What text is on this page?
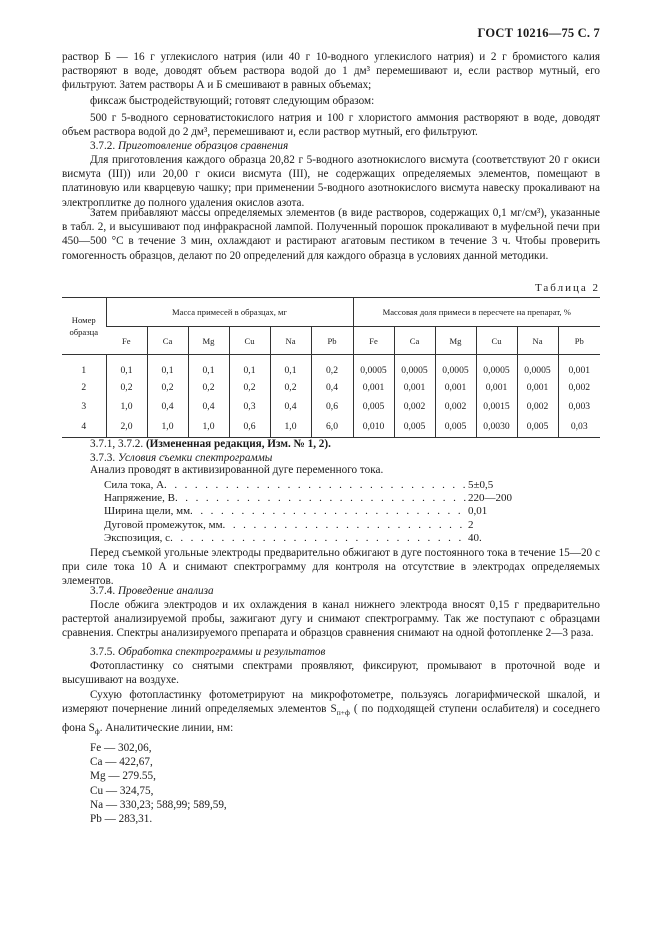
ГОСТ 10216—75 С. 7

раствор Б — 16 г углекислого натрия (или 40 г 10-водного углекислого натрия) и 2 г бромистого калия растворяют в воде, доводят объем раствора водой до 1 дм³ перемешивают и, если раствор мутный, его фильтруют. Затем растворы А и Б смешивают в равных объемах;

фиксаж быстродействующий; готовят следующим образом:

500 г 5-водного серноватистокислого натрия и 100 г хлористого аммония растворяют в воде, доводят объем раствора водой до 2 дм³, перемешивают и, если раствор мутный, его фильтруют.

3.7.2. Приготовление образцов сравнения

Для приготовления каждого образца 20,82 г 5-водного азотнокислого висмута (соответствуют 20 г окиси висмута (III)) или 20,00 г окиси висмута (III), не содержащих определяемых элементов, помещают в платиновую или кварцевую чашку; при применении 5-водного азотнокислого висмута навеску прокаливают на электроплитке до полного удаления окислов азота.

Затем прибавляют массы определяемых элементов (в виде растворов, содержащих 0,1 мг/см³), указанные в табл. 2, и высушивают под инфракрасной лампой. Полученный порошок прокаливают в муфельной печи при 450—500 °С в течение 3 мин, охлаждают и растирают агатовым пестиком в течение 3 ч. Чтобы проверить гомогенность образцов, делают по 20 определений для каждого образца в условиях данной методики.

Таблица 2
Номер образца	Масса примесей в образцах, мг						Массовая доля примеси в пересчете на препарат, %					
	Fe	Ca	Mg	Cu	Na	Pb	Fe	Ca	Mg	Cu	Na	Pb
1	0,1	0,1	0,1	0,1	0,1	0,2	0,0005	0,0005	0,0005	0,0005	0,0005	0,001
2	0,2	0,2	0,2	0,2	0,2	0,4	0,001	0,001	0,001	0,001	0,001	0,002
3	1,0	0,4	0,4	0,3	0,4	0,6	0,005	0,002	0,002	0,0015	0,002	0,003
4	2,0	1,0	1,0	0,6	1,0	6,0	0,010	0,005	0,005	0,0030	0,005	0,03

3.7.1, 3.7.2. (Измененная редакция, Изм. № 1, 2).

3.7.3. Условия съемки спектрограммы

Анализ проводят в активизированной дуге переменного тока.

Сила тока, А . . .	5±0,5
Напряжение, В . . .	220—200
Ширина щели, мм . . .	0,01
Дуговой промежуток, мм . . .	2
Экспозиция, с . . .	40.

Перед съемкой угольные электроды предварительно обжигают в дуге постоянного тока в течение 15—20 с при силе тока 10 А и снимают спектрограмму для контроля на отсутствие в электродах определяемых элементов.

3.7.4. Проведение анализа

После обжига электродов и их охлаждения в канал нижнего электрода вносят 0,15 г предварительно растертой анализируемой пробы, зажигают дугу и снимают спектрограмму. Так же поступают с образцами сравнения. Спектры анализируемого препарата и образцов сравнения снимают на одной фотопленке 2—3 раза.

3.7.5. Обработка спектрограммы и результатов

Фотопластинку со снятыми спектрами проявляют, фиксируют, промывают в проточной воде и высушивают на воздухе.

Сухую фотопластинку фотометрируют на микрофотометре, пользуясь логарифмической шкалой, и измеряют почернение линий определяемых элементов $S_{п+ф}$ ( по подходящей ступени ослабителя) и соседнего фона $S_ф$. Аналитические линии, нм:

Fe — 302,06,
Ca — 422,67,
Mg — 279.55,
Cu — 324,75,
Na — 330,23; 588,99; 589,59,
Pb — 283,31.
